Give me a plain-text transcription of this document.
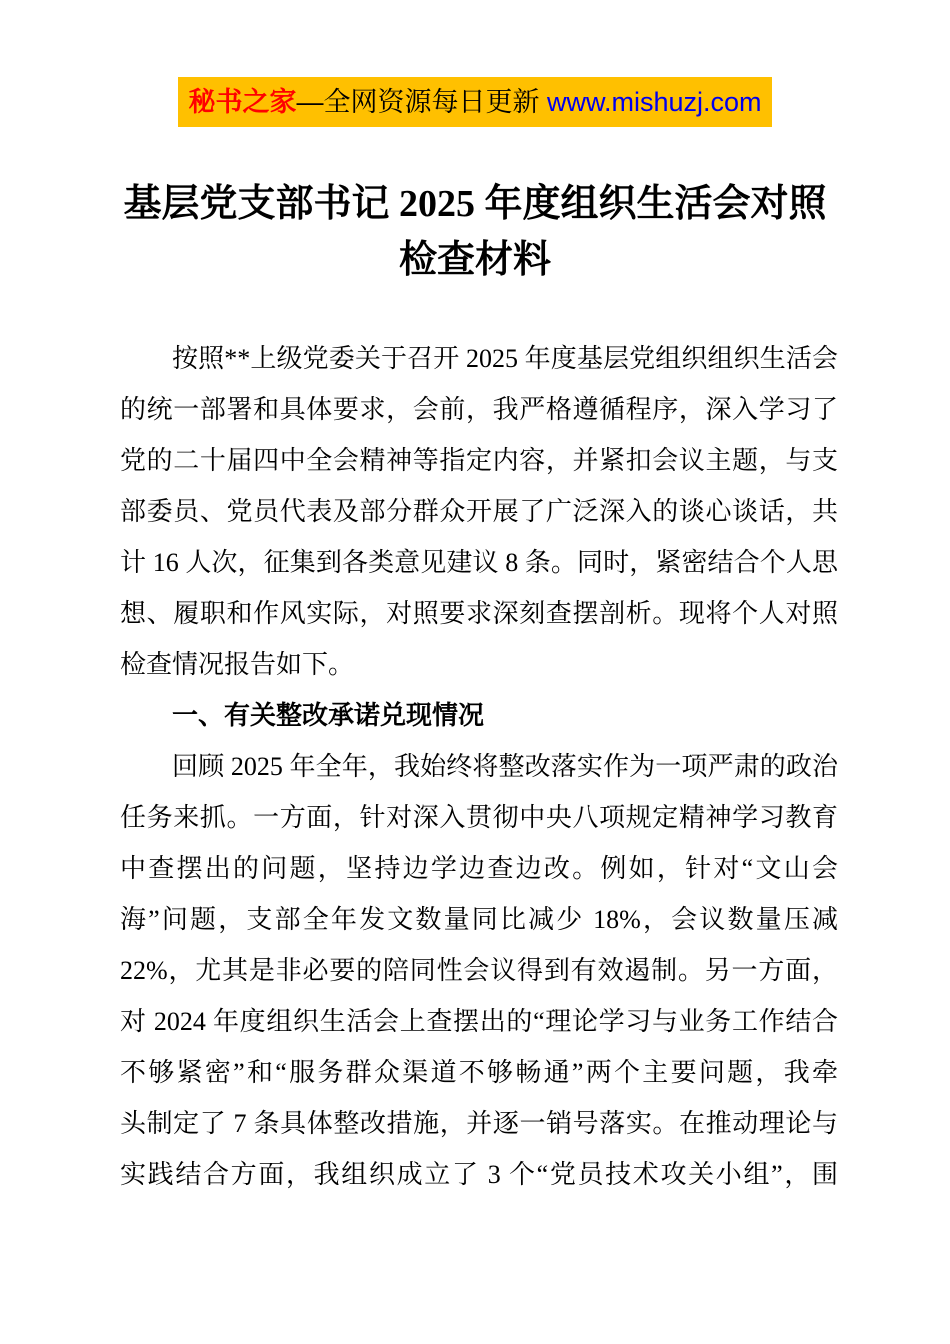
秘书之家—全网资源每日更新 www.mishuzj.com
基层党支部书记 2025 年度组织生活会对照
检查材料
按照**上级党委关于召开 2025 年度基层党组织组织生活会
的统一部署和具体要求，会前，我严格遵循程序，深入学习了
党的二十届四中全会精神等指定内容，并紧扣会议主题，与支
部委员、党员代表及部分群众开展了广泛深入的谈心谈话，共
计 16 人次，征集到各类意见建议 8 条。同时，紧密结合个人思
想、履职和作风实际，对照要求深刻查摆剖析。现将个人对照
检查情况报告如下。
一、有关整改承诺兑现情况
回顾 2025 年全年，我始终将整改落实作为一项严肃的政治
任务来抓。一方面，针对深入贯彻中央八项规定精神学习教育
中查摆出的问题，坚持边学边查边改。例如，针对“文山会
海”问题，支部全年发文数量同比减少 18%，会议数量压减
22%，尤其是非必要的陪同性会议得到有效遏制。另一方面，
对 2024 年度组织生活会上查摆出的“理论学习与业务工作结合
不够紧密”和“服务群众渠道不够畅通”两个主要问题，我牵
头制定了 7 条具体整改措施，并逐一销号落实。在推动理论与
实践结合方面，我组织成立了 3 个“党员技术攻关小组”，围
